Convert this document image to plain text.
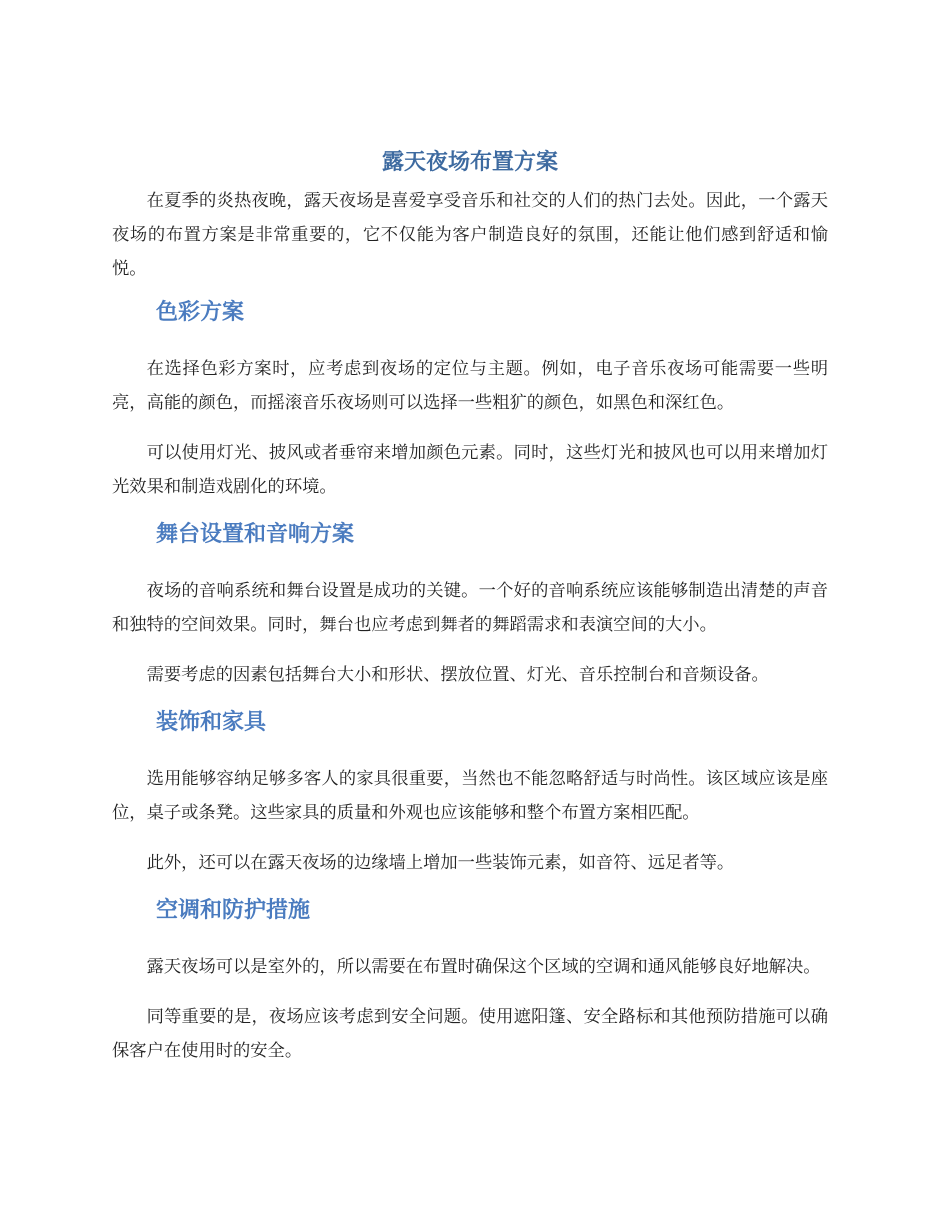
露天夜场布置方案

在夏季的炎热夜晚，露天夜场是喜爱享受音乐和社交的人们的热门去处。因此，一个露天夜场的布置方案是非常重要的，它不仅能为客户制造良好的氛围，还能让他们感到舒适和愉悦。

色彩方案

在选择色彩方案时，应考虑到夜场的定位与主题。例如，电子音乐夜场可能需要一些明亮，高能的颜色，而摇滚音乐夜场则可以选择一些粗犷的颜色，如黑色和深红色。

可以使用灯光、披风或者垂帘来增加颜色元素。同时，这些灯光和披风也可以用来增加灯光效果和制造戏剧化的环境。

舞台设置和音响方案

夜场的音响系统和舞台设置是成功的关键。一个好的音响系统应该能够制造出清楚的声音和独特的空间效果。同时，舞台也应考虑到舞者的舞蹈需求和表演空间的大小。

需要考虑的因素包括舞台大小和形状、摆放位置、灯光、音乐控制台和音频设备。

装饰和家具

选用能够容纳足够多客人的家具很重要，当然也不能忽略舒适与时尚性。该区域应该是座位，桌子或条凳。这些家具的质量和外观也应该能够和整个布置方案相匹配。

此外，还可以在露天夜场的边缘墙上增加一些装饰元素，如音符、远足者等。

空调和防护措施

露天夜场可以是室外的，所以需要在布置时确保这个区域的空调和通风能够良好地解决。

同等重要的是，夜场应该考虑到安全问题。使用遮阳篷、安全路标和其他预防措施可以确保客户在使用时的安全。
